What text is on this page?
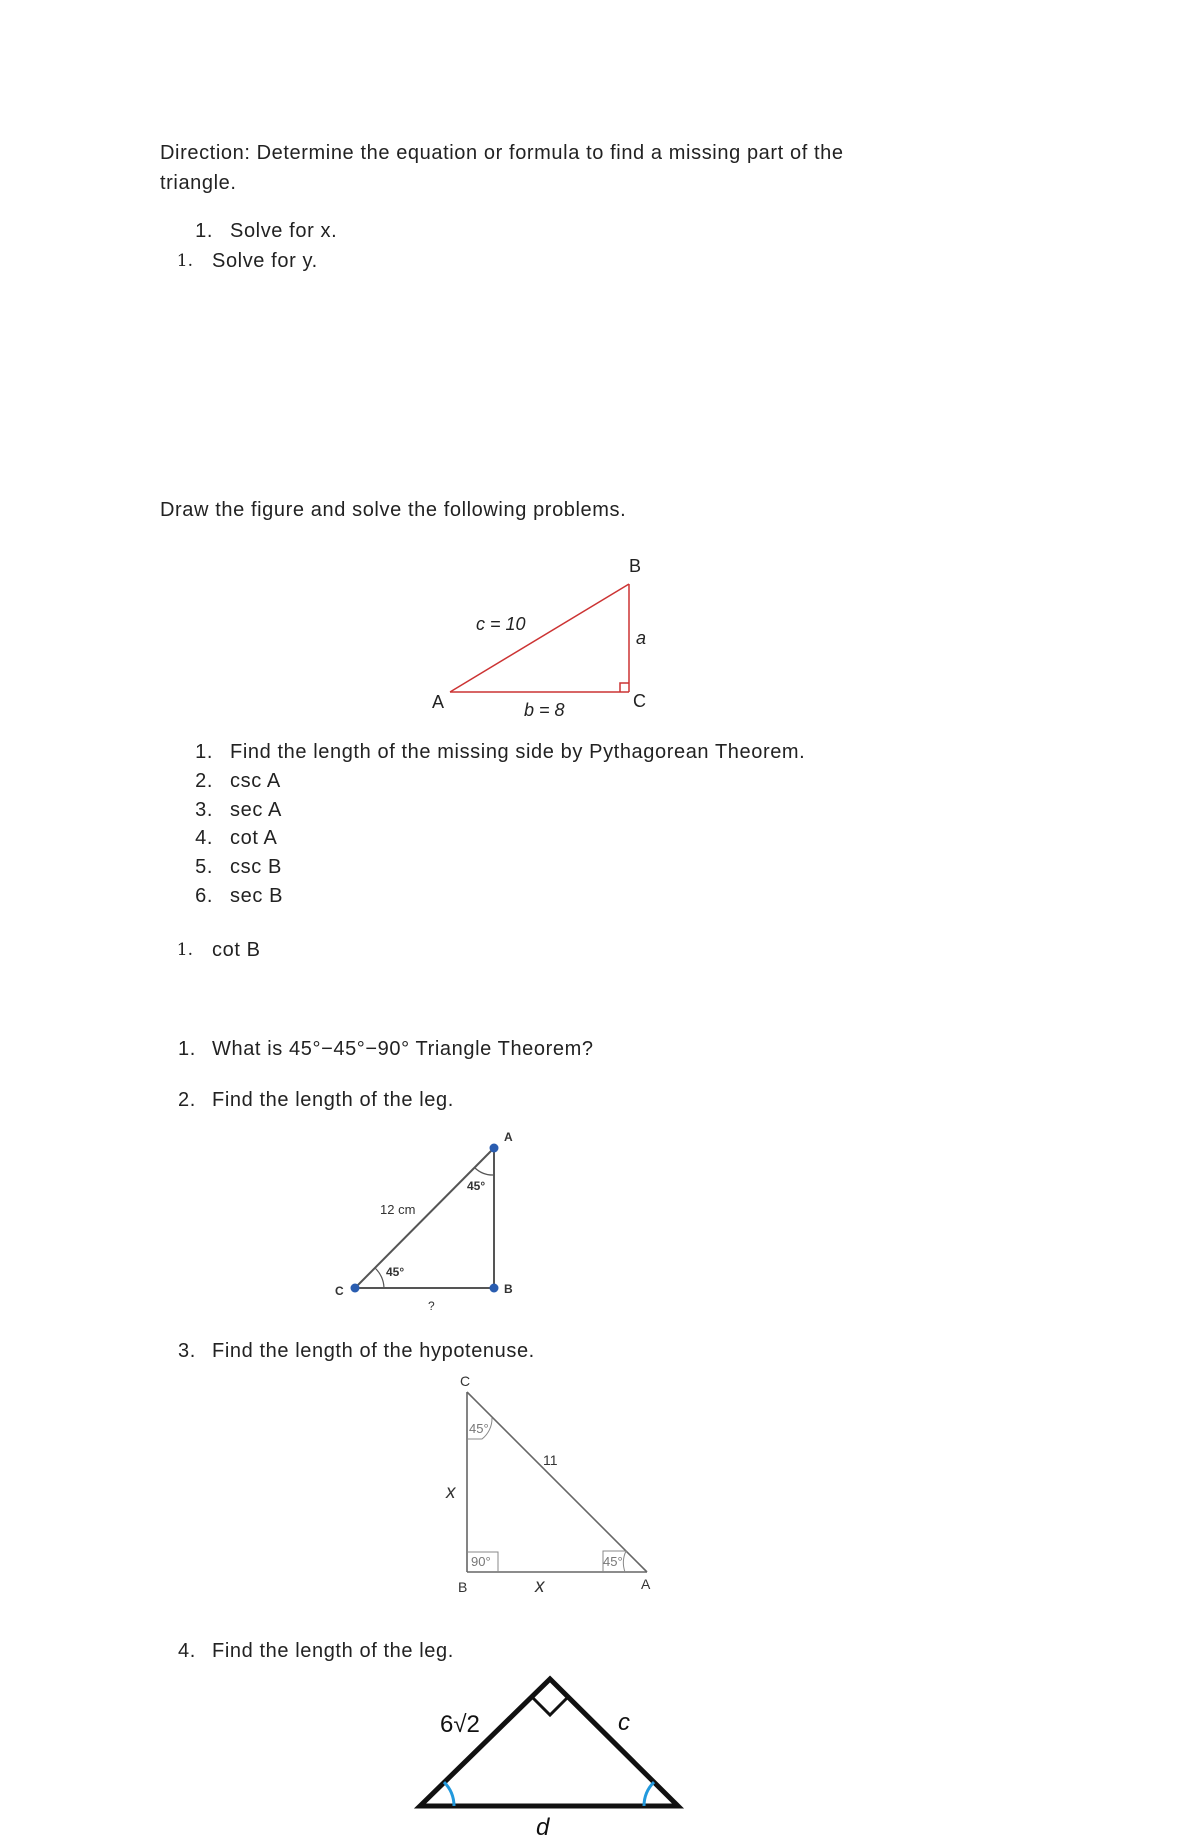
Direction: Determine the equation or formula to find a missing part of the
triangle.
1. Solve for x.
1. Solve for y.
Draw the figure and solve the following problems.
B
A	C
c = 10
a
b = 8
1. Find the length of the missing side by Pythagorean Theorem.
2. csc A
3. sec A
4. cot A
5. csc B
6. sec B
1. cot B
1. What is 45°−45°−90° Triangle Theorem?
2. Find the length of the leg.
A
B
C
45°
45°
12 cm
?
3. Find the length of the hypotenuse.
C
B	A
45°
90°	45°
11
x
x
4. Find the length of the leg.
6√2	c
d
